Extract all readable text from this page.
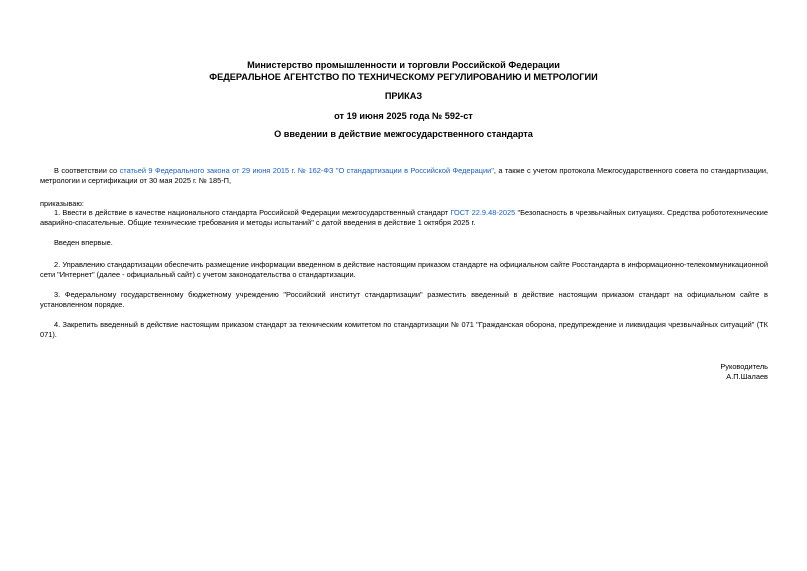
Министерство промышленности и торговли Российской Федерации
ФЕДЕРАЛЬНОЕ АГЕНТСТВО ПО ТЕХНИЧЕСКОМУ РЕГУЛИРОВАНИЮ И МЕТРОЛОГИИ
ПРИКАЗ
от 19 июня 2025 года № 592-ст
О введении в действие межгосударственного стандарта
В соответствии со статьей 9 Федерального закона от 29 июня 2015 г. № 162-ФЗ "О стандартизации в Российской Федерации", а также с учетом протокола Межгосударственного совета по стандартизации, метрологии и сертификации от 30 мая 2025 г. № 185-П,
приказываю:
1. Ввести в действие в качестве национального стандарта Российской Федерации межгосударственный стандарт ГОСТ 22.9.48-2025 "Безопасность в чрезвычайных ситуациях. Средства робототехнические аварийно-спасательные. Общие технические требования и методы испытаний" с датой введения в действие 1 октября 2025 г.
Введен впервые.
2. Управлению стандартизации обеспечить размещение информации введенном в действие настоящим приказом стандарте на официальном сайте Росстандарта в информационно-телекоммуникационной сети "Интернет" (далее - официальный сайт) с учетом законодательства о стандартизации.
3. Федеральному государственному бюджетному учреждению "Российский институт стандартизации" разместить введенный в действие настоящим приказом стандарт на официальном сайте в установленном порядке.
4. Закрепить введенный в действие настоящим приказом стандарт за техническим комитетом по стандартизации № 071 "Гражданская оборона, предупреждение и ликвидация чрезвычайных ситуаций" (ТК 071).
Руководитель
А.П.Шалаев
